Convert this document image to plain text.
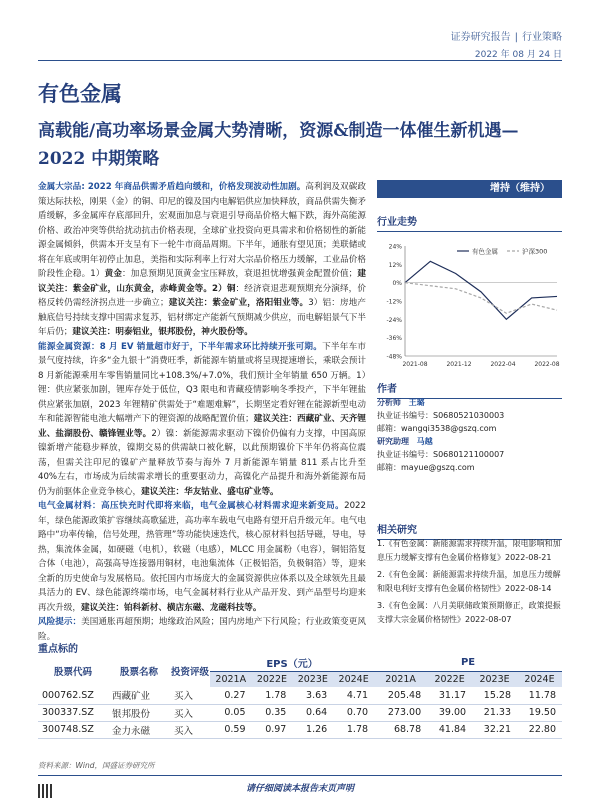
证券研究报告 | 行业策略
2022 年 08 月 24 日
有色金属
高载能/高功率场景金属大势清晰，资源&制造一体催生新机遇—2022 中期策略

金属大宗品: 2022 年商品供需矛盾趋向缓和，价格发现波动性加剧。高利润及双碳政策达际扶松，刚果（金）的铜、印尼的镍及国内电解铝供应加快释放，商品供需失衡矛盾缓解，多金属库存底部回升，宏观面加息与衰退引导商品价格大幅下跌，海外高能源价格、政治冲突等供给扰动抗击价格表现，全球矿业投资向更具需求和价格韧性的新能源金属倾斜，供需本开支呈有下一轮牛市商品周期。下半年，通胀有望见顶；美联储或将在年底或明年初停止加息，美指和实际利率上行对大宗品价格压力缓解，工业品价格阶段性企稳。1）黄金：加息预期见顶黄金宝压释放，衰退担忧增强黄金配置价值；建议关注：紫金矿业，山东黄金，赤峰黄金等。2）铜：经济衰退悲观预期充分演绎，价格反转仍需经济拐点进一步确立；建议关注：紫金矿业，洛阳钼业等。3）铝：房地产触底信号持续支撑中国需求复苏，铝材绑定产能新气预期减少供应，而电解铝景气下半年后仍；建议关注：明泰铝业，银邦股份，神火股份等。

能源金属资源：8 月 EV 销量超市好于，下半年需求环比持续开张可期。下半年车市景气度持续，许多“金九银十”消费旺季，新能源车销量或将呈现提速增长，乘联会预计 8 月新能源乘用车零售销量同比+108.3%/+7.0%，我们预计全年销量 650 万辆。1）锂：供应紧张加剧，锂库存处于低位，Q3 限电和青藏疫情影响冬季投产，下半年锂盐供应紧张加剧，2023 年锂精矿供需处于“难题难解”，长期坚定看好锂在能源新型电动车和能源智能电池大幅增产下的锂资源的战略配置价值；建议关注：西藏矿业、天齐锂业、盐湖股份、赣锋锂业等。2）镍：新能源需求驱动下镍价仍偏有力支撑，中国高原镍新增产能稳步释放，镍期交易的供需缺口被化解，以此预期镍价下半年仍将高位震荡，但需关注印尼的镍矿产量释放节奏与海外 7 月新能源车销量 811 系占比升至 40%左右，市场成为后续需求增长的重要驱动力，高镍化产品提升和海外新能源布局仍为前驱体企业竞争核心，建议关注：华友钴业、盛屯矿业等。

电气金属材料：高压快充时代即将来临，电气金属核心材料需求迎来新变局。2022 年，绿色能源政策扩容继续高歌猛进，高功率车载电气电路有望开启升级元年。电气电路中“功率传输，信号处理，热管理”等功能快速迭代，核心原材料包括导磁，导电，导热，集流体金属，如硬磁（电机），软磁（电感），MLCC 用金属粉（电容），铜铝箔复合体（电池），高强高导连接器用铜材，电池集流体（正极铝箔，负极铜箔）等，迎来全新的历史使命与发展格局。依托国内市场庞大的金属资源供应体系以及全球领先且最具活力的 EV、绿色能源终端市场，电气金属材料行业从产品开发、到产品型号均迎来再次升级，建议关注：铂科新材、横店东磁、龙磁科技等。

风险提示：美国通胀再超预期；地缘政治风险；国内房地产下行风险；行业政策变更风险。

增持（维持）
行业走势
24%
12%
0%
-12%
-24%
-36%
-48%
2021-08	2021-12	2022-04	2022-08
有色金属	沪深300
作者
分析师 王璐
执业证书编号：S0680521030003
邮箱：wangqi3538@gszq.com
研究助理 马越
执业证书编号：S0680121100007
邮箱：mayue@gszq.com
相关研究
1.《有色金属：新能源需求持续升温，限电影响和加息压力缓解支撑有色金属价格修复》2022-08-21
2.《有色金属：新能源需求持续升温，加息压力缓解和限电利好支撑有色金属价格韧性》2022-08-14
3.《有色金属：八月美联储政策预期修正，政策提振支撑大宗金属价格韧性》2022-08-07
重点标的
股票代码	股票名称	投资评级	EPS（元）				PE			
			2021A	2022E	2023E	2024E	2021A	2022E	2023E	2024E
000762.SZ	西藏矿业	买入	0.27	1.78	3.63	4.71	205.48	31.17	15.28	11.78
300337.SZ	银邦股份	买入	0.05	0.35	0.64	0.70	273.00	39.00	21.33	19.50
300748.SZ	金力永磁	买入	0.59	0.97	1.26	1.78	68.78	41.84	32.21	22.80
资料来源：Wind，国盛证券研究所
请仔细阅读本报告末页声明
